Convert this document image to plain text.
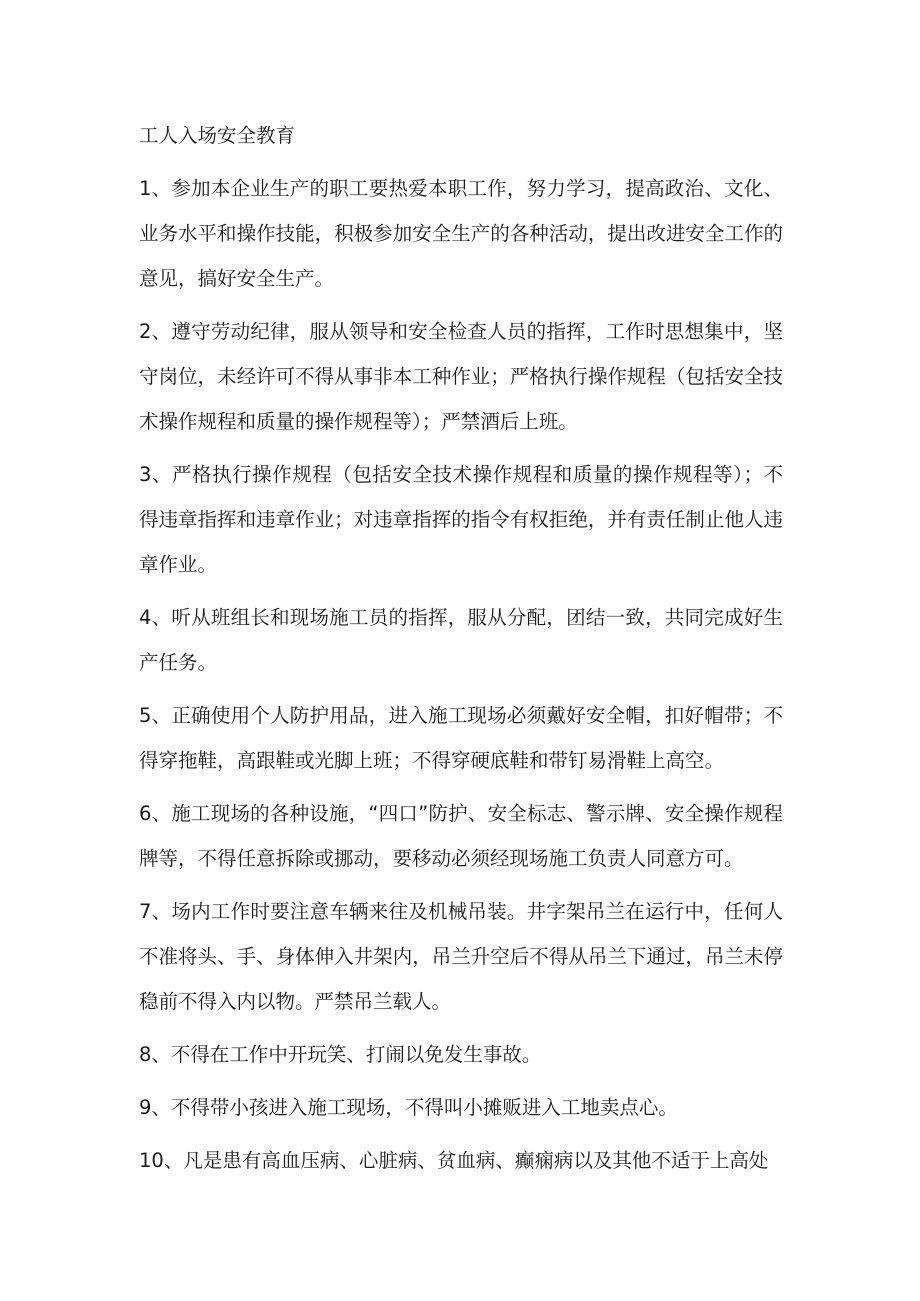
工人入场安全教育

1、参加本企业生产的职工要热爱本职工作，努力学习，提高政治、文化、业务水平和操作技能，积极参加安全生产的各种活动，提出改进安全工作的意见，搞好安全生产。

2、遵守劳动纪律，服从领导和安全检查人员的指挥，工作时思想集中，坚守岗位，未经许可不得从事非本工种作业；严格执行操作规程（包括安全技术操作规程和质量的操作规程等）；严禁酒后上班。

3、严格执行操作规程（包括安全技术操作规程和质量的操作规程等）；不得违章指挥和违章作业；对违章指挥的指令有权拒绝，并有责任制止他人违章作业。

4、听从班组长和现场施工员的指挥，服从分配，团结一致，共同完成好生产任务。

5、正确使用个人防护用品，进入施工现场必须戴好安全帽，扣好帽带；不得穿拖鞋，高跟鞋或光脚上班；不得穿硬底鞋和带钉易滑鞋上高空。

6、施工现场的各种设施，“四口”防护、安全标志、警示牌、安全操作规程牌等，不得任意拆除或挪动，要移动必须经现场施工负责人同意方可。

7、场内工作时要注意车辆来往及机械吊装。井字架吊兰在运行中，任何人不准将头、手、身体伸入井架内，吊兰升空后不得从吊兰下通过，吊兰未停稳前不得入内以物。严禁吊兰载人。

8、不得在工作中开玩笑、打闹以免发生事故。

9、不得带小孩进入施工现场，不得叫小摊贩进入工地卖点心。

10、凡是患有高血压病、心脏病、贫血病、癫痫病以及其他不适于上高处
